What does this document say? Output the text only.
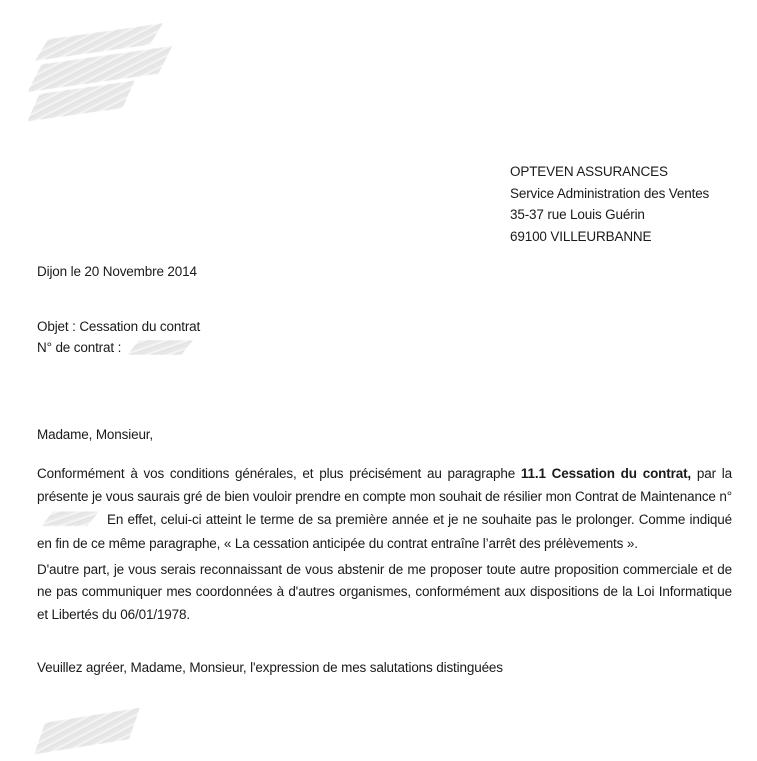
OPTEVEN ASSURANCES
Service Administration des Ventes
35-37 rue Louis Guérin
69100 VILLEURBANNE
Dijon le 20 Novembre 2014
Objet : Cessation du contrat
N° de contrat :
Madame, Monsieur,

Conformément à vos conditions générales, et plus précisément au paragraphe 11.1 Cessation du contrat, par la présente je vous saurais gré de bien vouloir prendre en compte mon souhait de résilier mon Contrat de Maintenance n°En effet, celui-ci atteint le terme de sa première année et je ne souhaite pas le prolonger. Comme indiqué en fin de ce même paragraphe, « La cessation anticipée du contrat entraîne l’arrêt des prélèvements ».

D'autre part, je vous serais reconnaissant de vous abstenir de me proposer toute autre proposition commerciale et de ne pas communiquer mes coordonnées à d'autres organismes, conformément aux dispositions de la Loi Informatique et Libertés du 06/01/1978.

Veuillez agréer, Madame, Monsieur, l'expression de mes salutations distinguées
